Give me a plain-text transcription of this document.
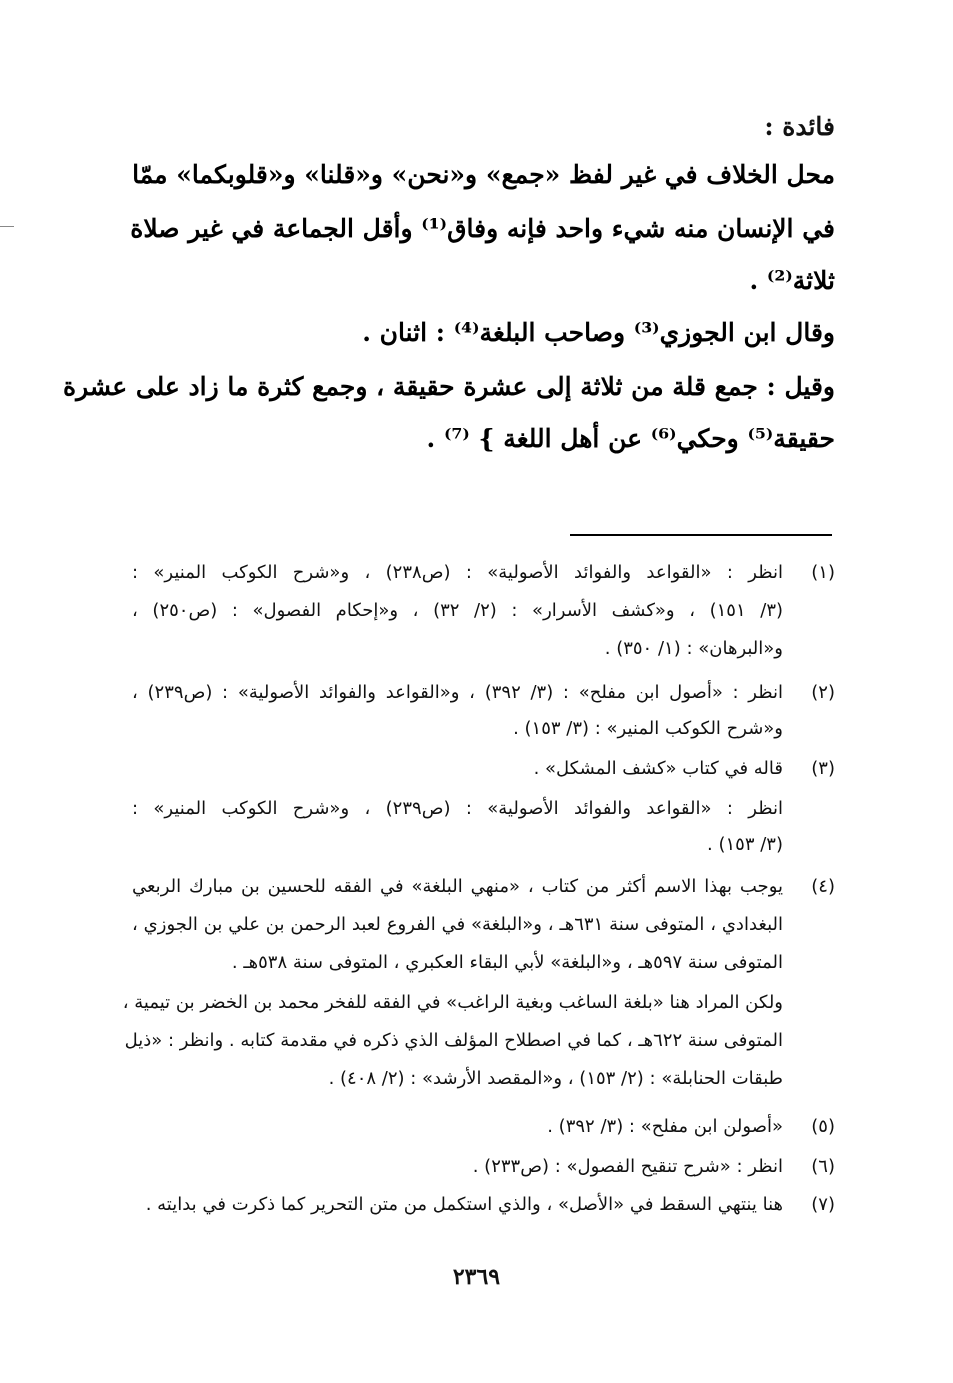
فائدة :
محل الخلاف في غير لفظ «جمع» و«نحن» و«قلنا» و«قلوبكما» ممّا
في الإنسان منه شيء واحد فإنه وفاق⁽¹⁾ وأقل الجماعة في غير صلاة
ثلاثة⁽²⁾ .
وقال ابن الجوزي⁽³⁾ وصاحب البلغة⁽⁴⁾ : اثنان .
وقيل : جمع قلة من ثلاثة إلى عشرة حقيقة ، وجمع كثرة ما زاد على عشرة
حقيقة⁽⁵⁾ وحكي⁽⁶⁾ عن أهل اللغة } ⁽⁷⁾ .
(١)
انظر : «القواعد والفوائد الأصولية» : (ص٢٣٨) ، و«شرح الكوكب المنير» :
(٣/ ١٥١) ، و«كشف الأسرار» : (٢/ ٣٢) ، و«إحكام الفصول» : (ص٢٥٠) ،
و«البرهان» : (١/ ٣٥٠) .
(٢)
انظر : «أصول ابن مفلح» : (٣/ ٣٩٢) ، و«القواعد والفوائد الأصولية» : (ص٢٣٩) ،
و«شرح الكوكب المنير» : (٣/ ١٥٣) .
(٣)
قاله في كتاب «كشف المشكل» .
انظر : «القواعد والفوائد الأصولية» : (ص٢٣٩) ، و«شرح الكوكب المنير» :
(٣/ ١٥٣) .
(٤)
يوجب بهذا الاسم أكثر من كتاب ، «منهي البلغة» في الفقه للحسين بن مبارك الربعي
البغدادي ، المتوفى سنة ٦٣١هـ ، و«البلغة» في الفروع لعبد الرحمن بن علي بن الجوزي ،
المتوفى سنة ٥٩٧هـ ، و«البلغة» لأبي البقاء العكبري ، المتوفى سنة ٥٣٨هـ .
ولكن المراد هنا «بلغة الساغب وبغية الراغب» في الفقه للفخر محمد بن الخضر بن تيمية ،
المتوفى سنة ٦٢٢هـ ، كما في اصطلاح المؤلف الذي ذكره في مقدمة كتابه . وانظر : «ذيل
طبقات الحنابلة» : (٢/ ١٥٣) ، و«المقصد الأرشد» : (٢/ ٤٠٨) .
(٥)
«أصولن ابن مفلح» : (٣/ ٣٩٢) .
(٦)
انظر : «شرح تنقيح الفصول» : (ص٢٣٣) .
(٧)
هنا ينتهي السقط في «الأصل» ، والذي استكمل من متن التحرير كما ذكرت في بدايته .
٢٣٦٩
